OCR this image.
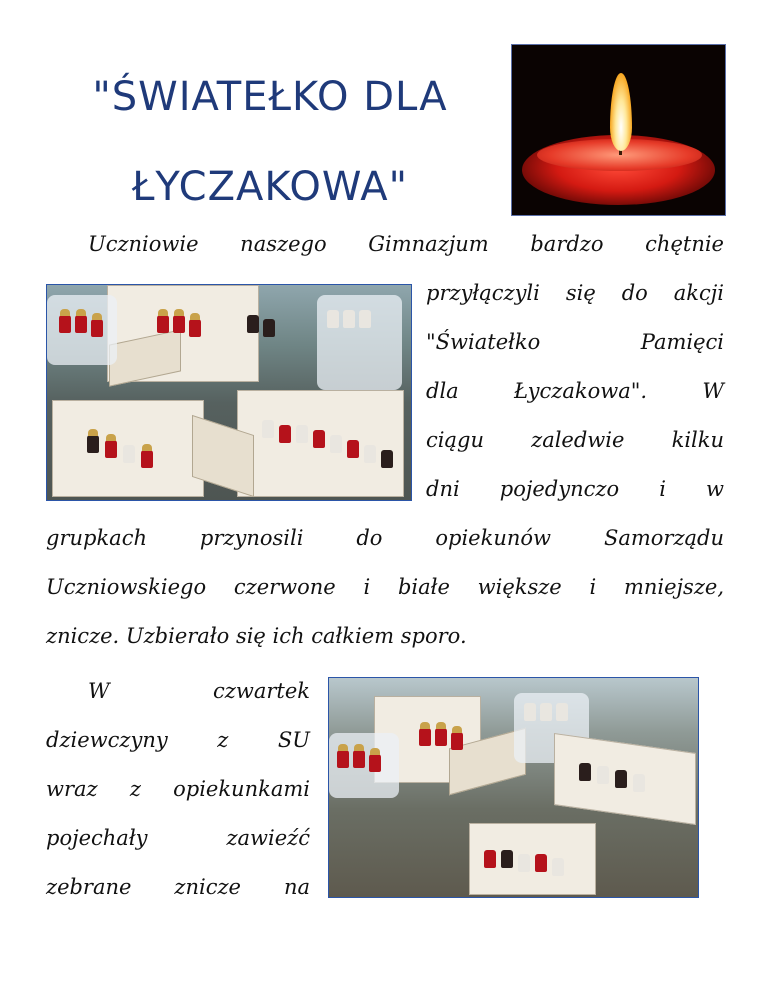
"ŚWIATEŁKO DLA
ŁYCZAKOWA"

Uczniowie naszego Gimnazjum bardzo chętnie

przyłączyli się do akcji

"Światełko Pamięci

dla Łyczakowa". W

ciągu zaledwie kilku

dni pojedynczo i w

grupkach przynosili do opiekunów Samorządu

Uczniowskiego czerwone i białe większe i mniejsze,

znicze. Uzbierało się ich całkiem sporo.

W czwartek

dziewczyny z SU

wraz z opiekunkami

pojechały zawieźć

zebrane znicze na
